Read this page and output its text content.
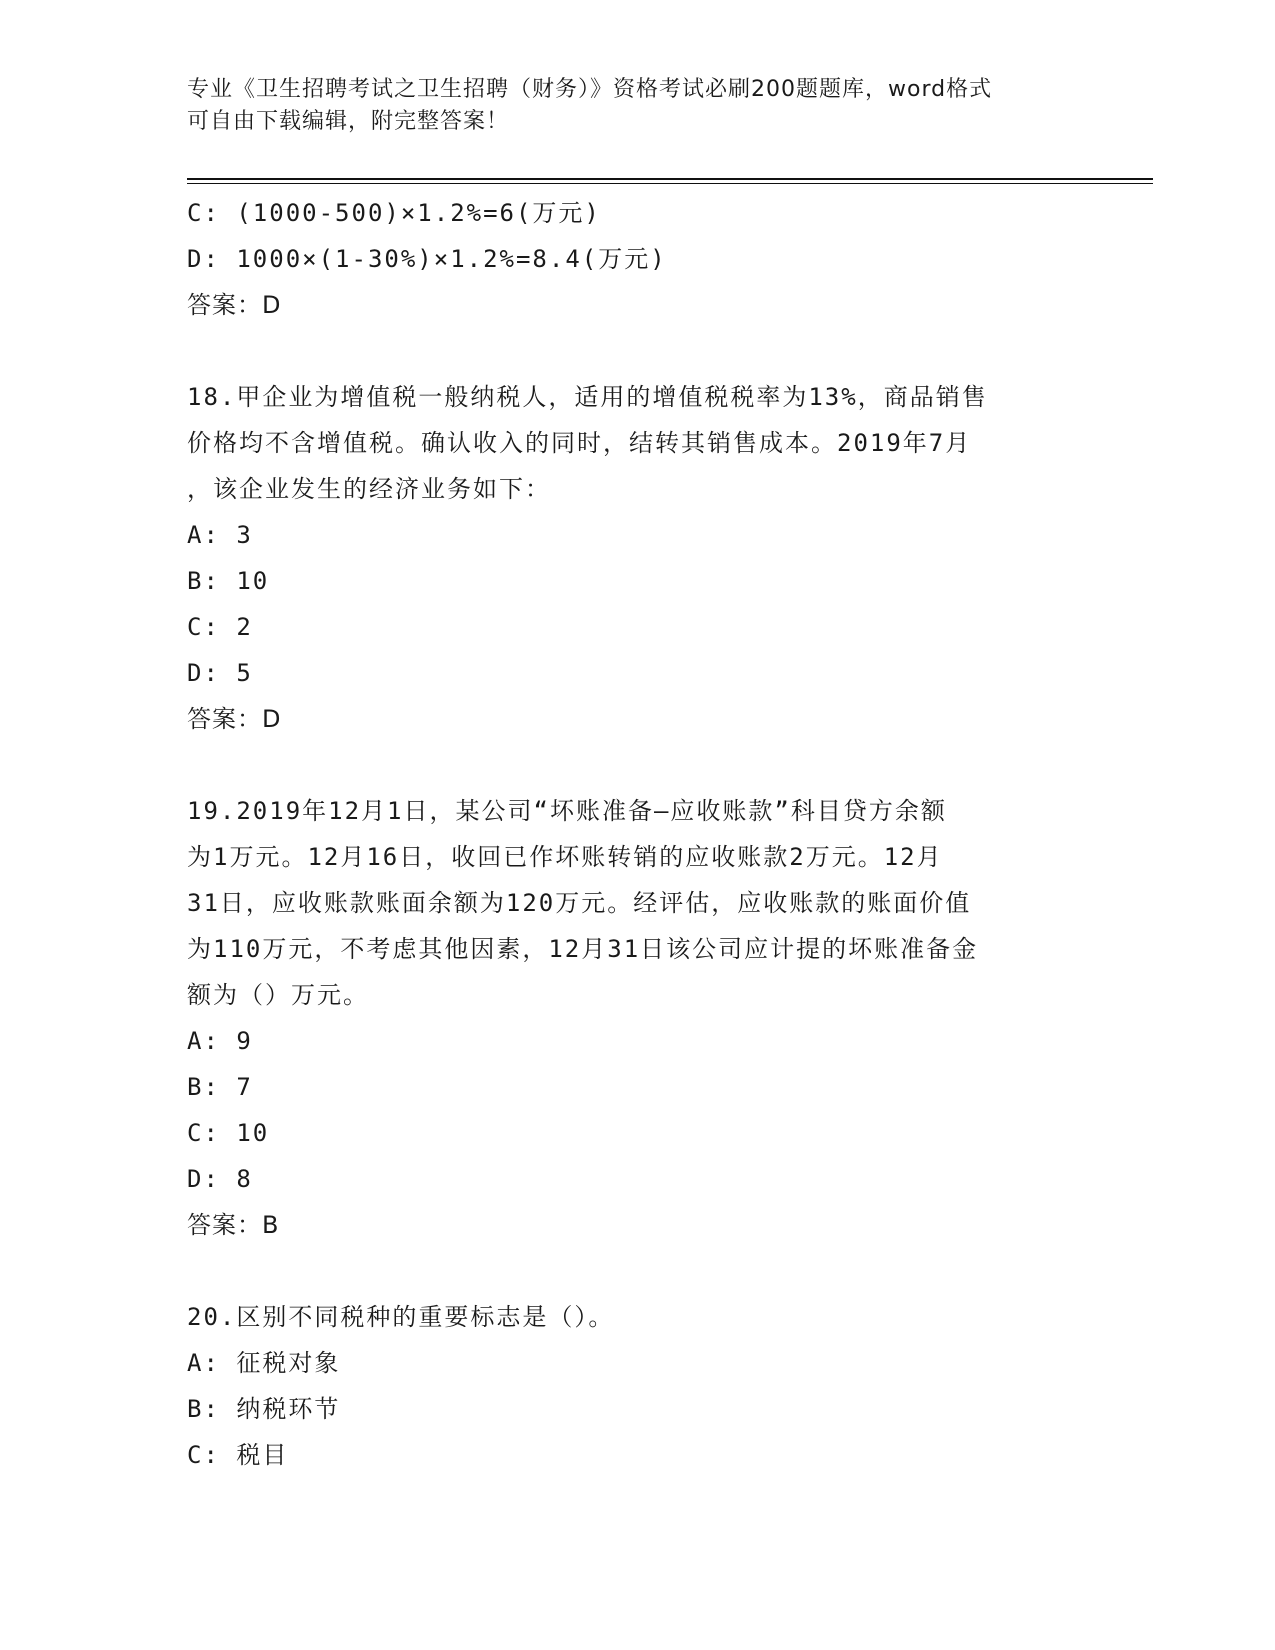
专业《卫生招聘考试之卫生招聘（财务）》资格考试必刷200题题库，word格式
可自由下载编辑，附完整答案！
C: (1000-500)×1.2%=6(万元)
D: 1000×(1-30%)×1.2%=8.4(万元)
答案：D
18.甲企业为增值税一般纳税人，适用的增值税税率为13%，商品销售
价格均不含增值税。确认收入的同时，结转其销售成本。2019年7月
，该企业发生的经济业务如下：
A: 3
B: 10
C: 2
D: 5
答案：D
19.2019年12月1日，某公司“坏账准备—应收账款”科目贷方余额
为1万元。12月16日，收回已作坏账转销的应收账款2万元。12月
31日，应收账款账面余额为120万元。经评估，应收账款的账面价值
为110万元，不考虑其他因素，12月31日该公司应计提的坏账准备金
额为（）万元。
A: 9
B: 7
C: 10
D: 8
答案：B
20.区别不同税种的重要标志是（）。
A: 征税对象
B: 纳税环节
C: 税目
